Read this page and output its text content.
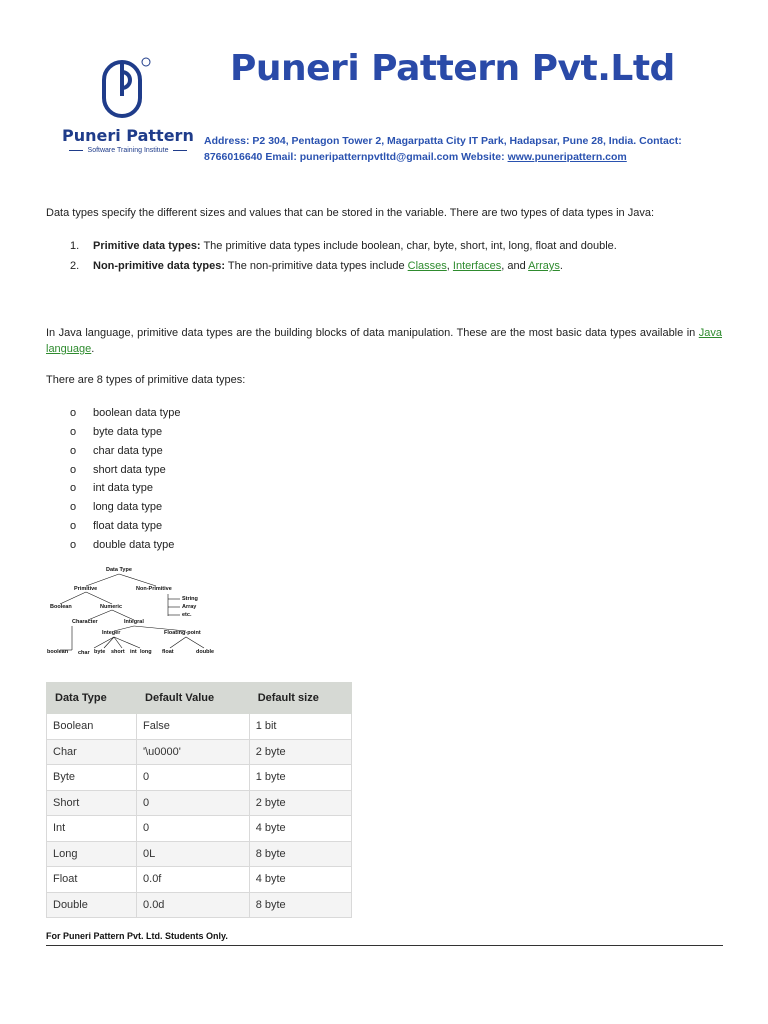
Puneri Pattern
Software Training Institute
Puneri Pattern Pvt.Ltd
Address: P2 304, Pentagon Tower 2, Magarpatta City IT Park, Hadapsar, Pune 28, India. Contact: 8766016640 Email: puneripatternpvtltd@gmail.com Website: www.puneripattern.com
Data types specify the different sizes and values that can be stored in the variable. There are two types of data types in Java:
1. Primitive data types: The primitive data types include boolean, char, byte, short, int, long, float and double.
2. Non-primitive data types: The non-primitive data types include Classes, Interfaces, and Arrays.
In Java language, primitive data types are the building blocks of data manipulation. These are the most basic data types available in Java language.
There are 8 types of primitive data types:
o boolean data type
o byte data type
o char data type
o short data type
o int data type
o long data type
o float data type
o double data type
Data Type
Primitive	Non-Primitive
String
Array
etc.
Boolean	Numeric
Character	Integral
Integer	Floating-point
boolean char byte short int long float	double
Data Type	Default Value	Default size
Boolean	False	1 bit
Char	'\u0000'	2 byte
Byte	0	1 byte
Short	0	2 byte
Int	0	4 byte
Long	0L	8 byte
Float	0.0f	4 byte
Double	0.0d	8 byte
For Puneri Pattern Pvt. Ltd. Students Only.
